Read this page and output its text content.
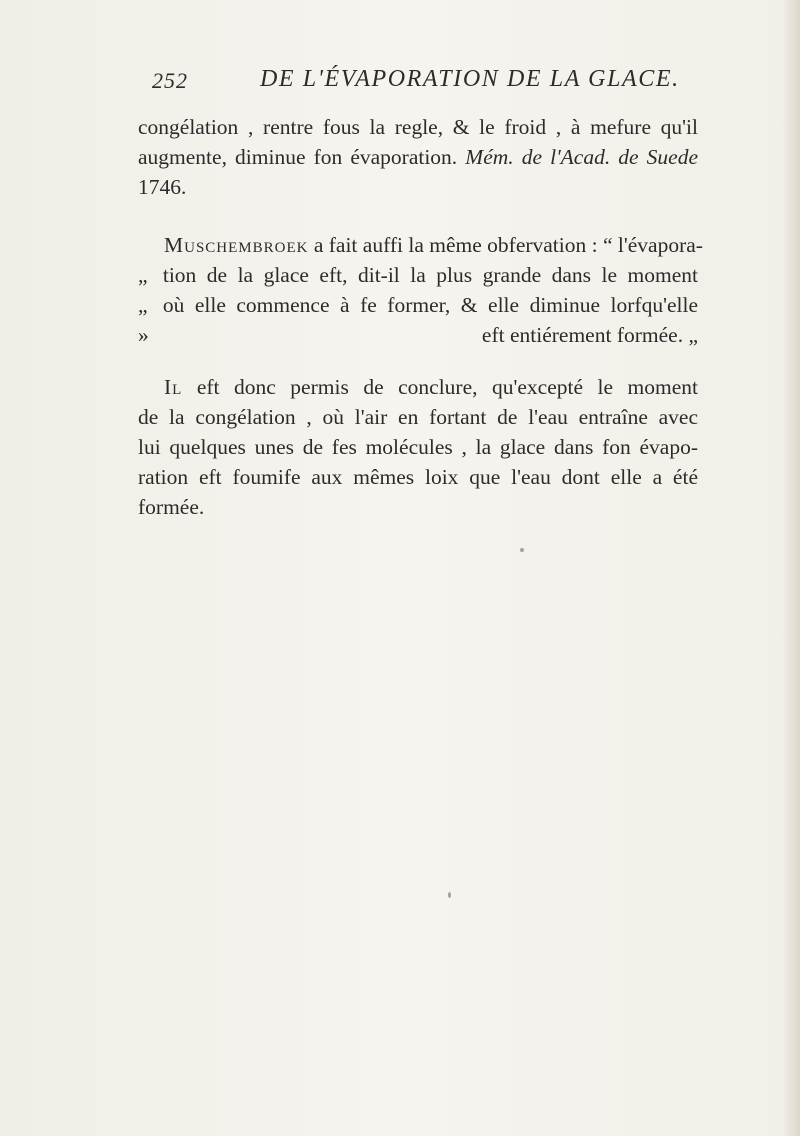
252	DE L'ÉVAPORATION DE LA GLACE.
congélation , rentre fous la regle, & le froid , à mefure qu'il
augmente, diminue fon évaporation. Mém. de l'Acad. de Suede
1746.
Muschembroek a fait auffi la même obfervation : “ l'évapora-
„ tion de la glace eft, dit-il la plus grande dans le moment
„ où elle commence à fe former, & elle diminue lorfqu'elle
»	eft entiérement formée. „
Il eft donc permis de conclure, qu'excepté le moment
de la congélation , où l'air en fortant de l'eau entraîne avec
lui quelques unes de fes molécules , la glace dans fon évapo-
ration eft foumife aux mêmes loix que l'eau dont elle a été
formée.
